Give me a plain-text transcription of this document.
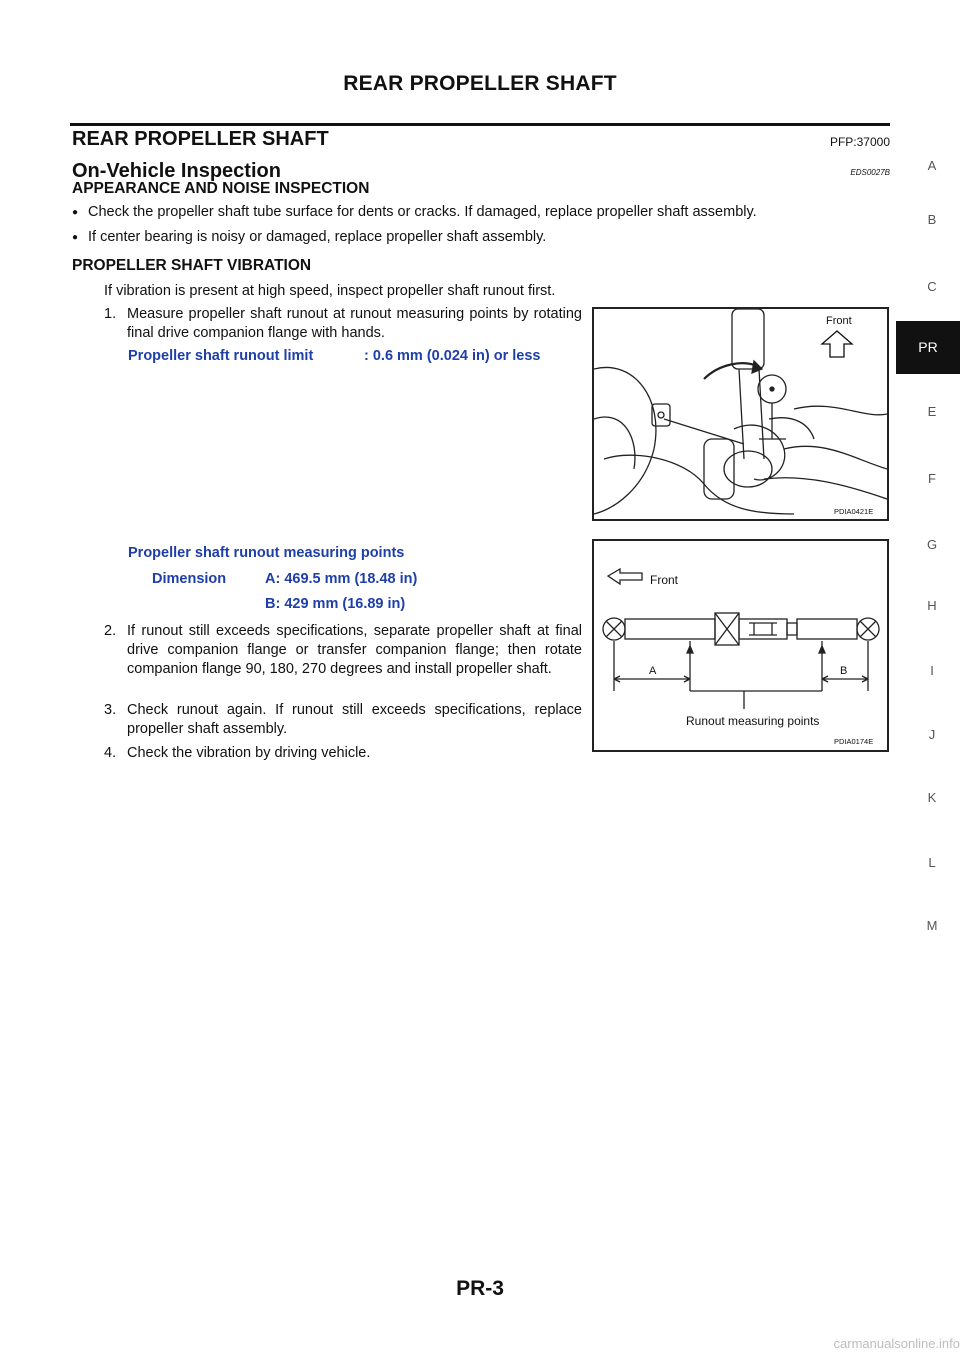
REAR PROPELLER SHAFT
REAR PROPELLER SHAFT	PFP:37000
On-Vehicle Inspection	EDS0027B
APPEARANCE AND NOISE INSPECTION
● Check the propeller shaft tube surface for dents or cracks. If damaged, replace propeller shaft assembly.
● If center bearing is noisy or damaged, replace propeller shaft assembly.
PROPELLER SHAFT VIBRATION
If vibration is present at high speed, inspect propeller shaft runout first.
1. Measure propeller shaft runout at runout measuring points by rotating final drive companion flange with hands.
Propeller shaft runout limit	: 0.6 mm (0.024 in) or less
Propeller shaft runout measuring points
Dimension	A: 469.5 mm (18.48 in)
B: 429 mm (16.89 in)
2. If runout still exceeds specifications, separate propeller shaft at final drive companion flange or transfer companion flange; then rotate companion flange 90, 180, 270 degrees and install propeller shaft.
3. Check runout again. If runout still exceeds specifications, replace propeller shaft assembly.
4. Check the vibration by driving vehicle.
Front
PDIA0421E
Front
A	B
Runout measuring points
PDIA0174E
A
B
C
PR
E
F
G
H
I
J
K
L
M
PR-3
carmanualsonline.info
